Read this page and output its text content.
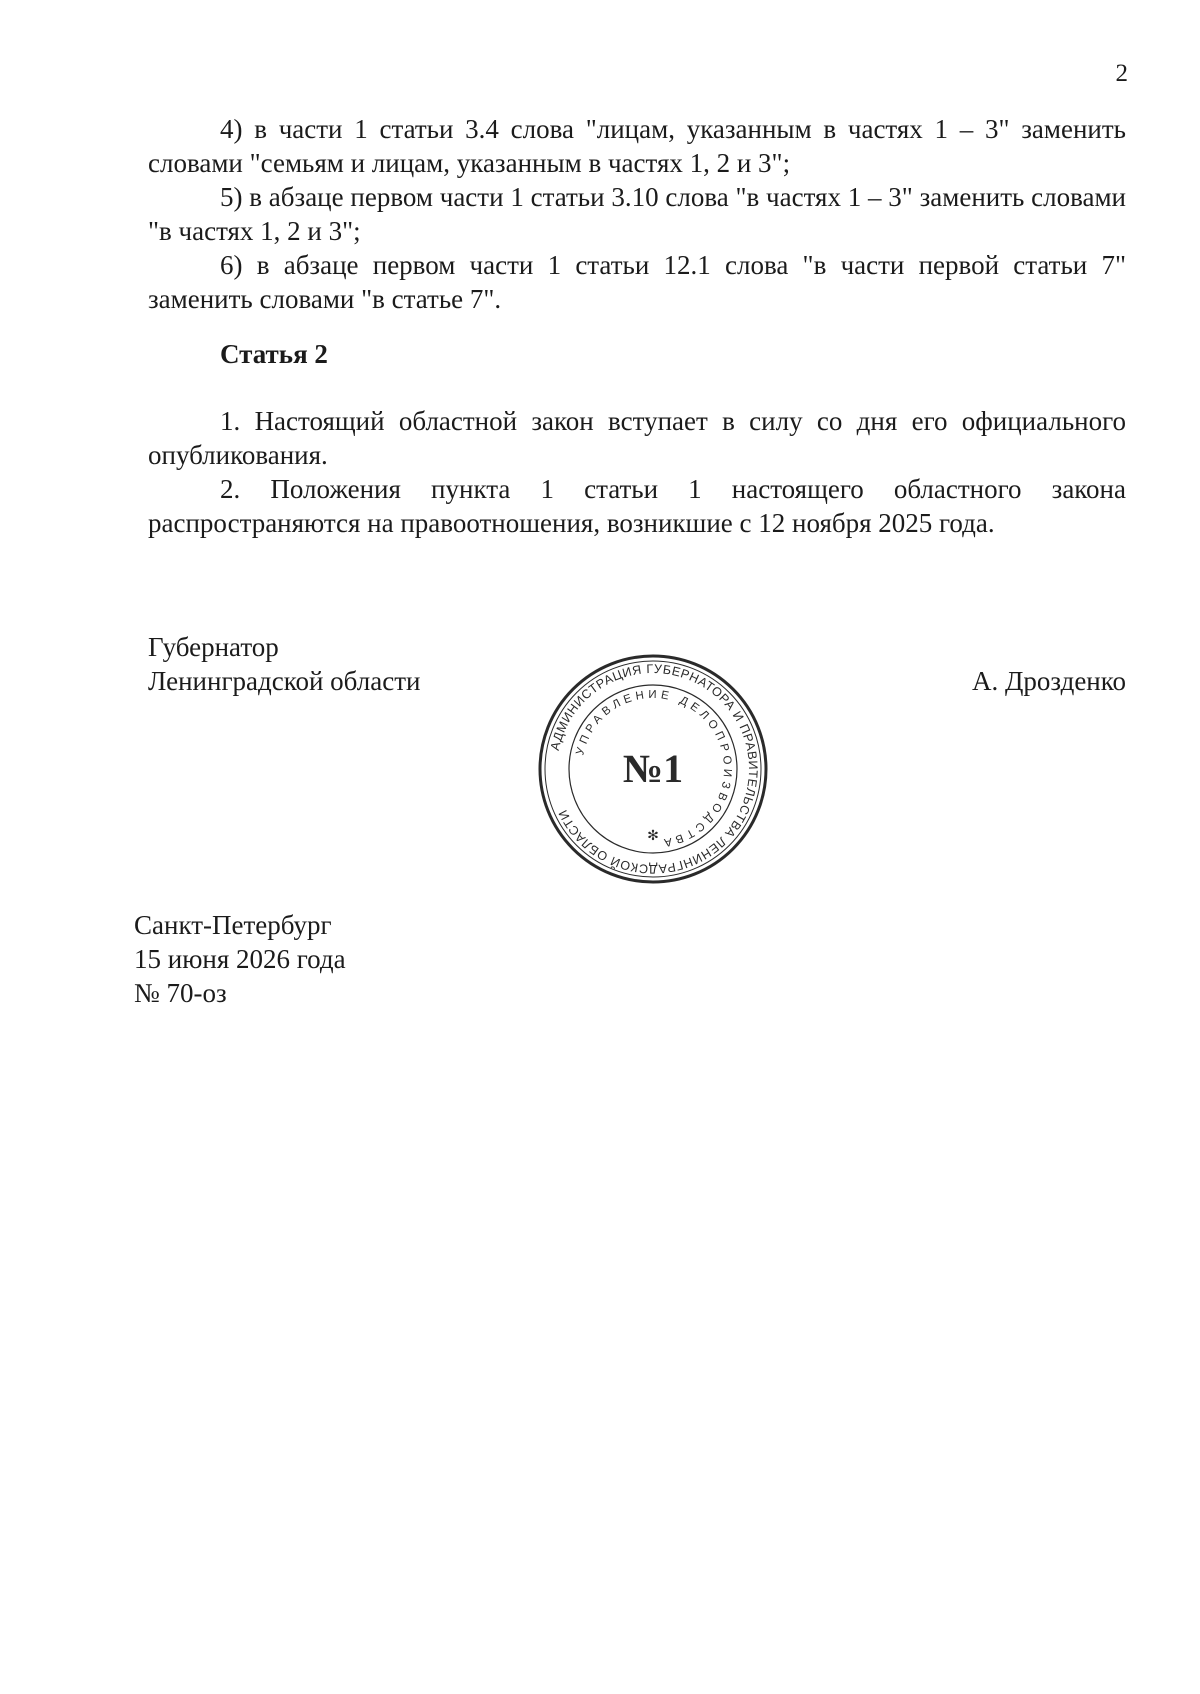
2

4) в части 1 статьи 3.4 слова "лицам, указанным в частях 1 – 3" заменить словами "семьям и лицам, указанным в частях 1, 2 и 3";

5) в абзаце первом части 1 статьи 3.10 слова "в частях 1 – 3" заменить словами "в частях 1, 2 и 3";

6) в абзаце первом части 1 статьи 12.1 слова "в части первой статьи 7" заменить словами "в статье 7".

Статья 2

1. Настоящий областной закон вступает в силу со дня его официального опубликования.

2. Положения пункта 1 статьи 1 настоящего областного закона распространяются на правоотношения, возникшие с 12 ноября 2025 года.

Губернатор
Ленинградской области	А. Дрозденко
АДМИНИСТРАЦИЯ ГУБЕРНАТОРА И ПРАВИТЕЛЬСТВА ЛЕНИНГРАДСКОЙ ОБЛАСТИ
УПРАВЛЕНИЕ ДЕЛОПРОИЗВОДСТВА
✻
№1
Санкт-Петербург
15 июня 2026 года
№ 70-оз
